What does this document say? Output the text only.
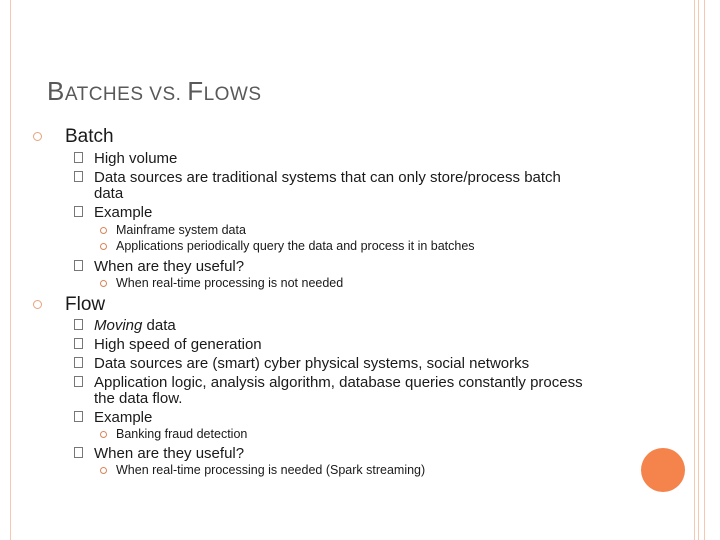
BATCHES VS. FLOWS
Batch
High volume
Data sources are traditional systems that can only store/process batch
data
Example
Mainframe system data
Applications periodically query the data and process it in batches
When are they useful?
When real-time processing is not needed
Flow
Moving data
High speed of generation
Data sources are (smart) cyber physical systems, social networks
Application logic, analysis algorithm, database queries constantly process
the data flow.
Example
Banking fraud detection
When are they useful?
When real-time processing is needed (Spark streaming)
